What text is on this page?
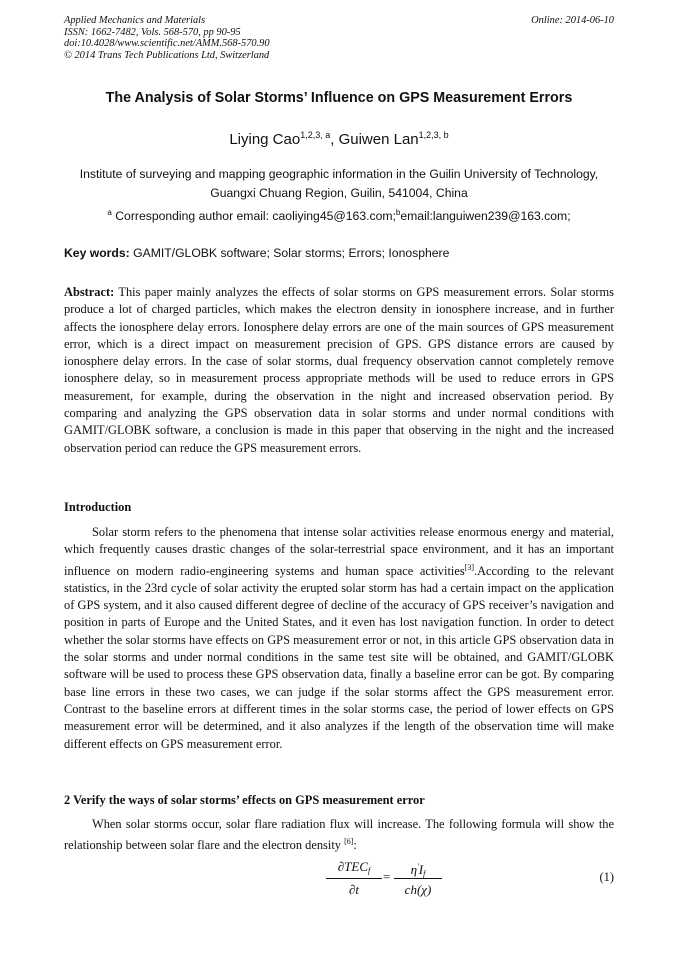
Applied Mechanics and Materials
ISSN: 1662-7482, Vols. 568-570, pp 90-95
doi:10.4028/www.scientific.net/AMM.568-570.90
© 2014 Trans Tech Publications Ltd, Switzerland
Online: 2014-06-10
The Analysis of Solar Storms’ Influence on GPS Measurement Errors
Liying Cao$^{1,2,3, a}$, Guiwen Lan$^{1,2,3, b}$
Institute of surveying and mapping geographic information in the Guilin University of Technology,
Guangxi Chuang Region, Guilin, 541004, China
$^a$ Corresponding author email: caoliying45@163.com;$^b$email:languiwen239@163.com;
Key words: GAMIT/GLOBK software; Solar storms; Errors; Ionosphere
Abstract: This paper mainly analyzes the effects of solar storms on GPS measurement errors. Solar storms produce a lot of charged particles, which makes the electron density in ionosphere increase, and in further affects the ionosphere delay errors. Ionosphere delay errors are one of the main sources of GPS measurement error, which is a direct impact on measurement precision of GPS. GPS distance errors are caused by ionosphere delay errors. In the case of solar storms, dual frequency observation cannot completely remove ionosphere delay, so in measurement process appropriate methods will be used to reduce errors in GPS measurement, for example, during the observation in the night and increased observation period. By comparing and analyzing the GPS observation data in solar storms and under normal conditions with GAMIT/GLOBK software, a conclusion is made in this paper that observing in the night and the increased observation period can reduce the GPS measurement errors.
Introduction
Solar storm refers to the phenomena that intense solar activities release enormous energy and material, which frequently causes drastic changes of the solar-terrestrial space environment, and it has an important influence on modern radio-engineering systems and human space activities[3].According to the relevant statistics, in the 23rd cycle of solar activity the erupted solar storm has had a certain impact on the application of GPS system, and it also caused different degree of decline of the accuracy of GPS receiver’s navigation and position in parts of Europe and the United States, and it even has lost navigation function. In order to detect whether the solar storms have effects on GPS measurement error or not, in this article GPS observation data in the solar storms and under normal conditions in the same test site will be obtained, and GAMIT/GLOBK software will be used to process these GPS observation data, finally a baseline error can be got. By comparing base line errors in these two cases, we can judge if the solar storms affect the GPS measurement error. Contrast to the baseline errors at different times in the solar storms case, the period of lower effects on GPS measurement error will be determined, and it also analyzes if the length of the observation time will make different effects on GPS measurement error.
2 Verify the ways of solar storms’ effects on GPS measurement error
When solar storms occur, solar flare radiation flux will increase. The following formula will show the relationship between solar flare and the electron density [6]:
$\partial TEC_f$
∂t
=	$\eta'I_f$
ch(χ)
(1)
